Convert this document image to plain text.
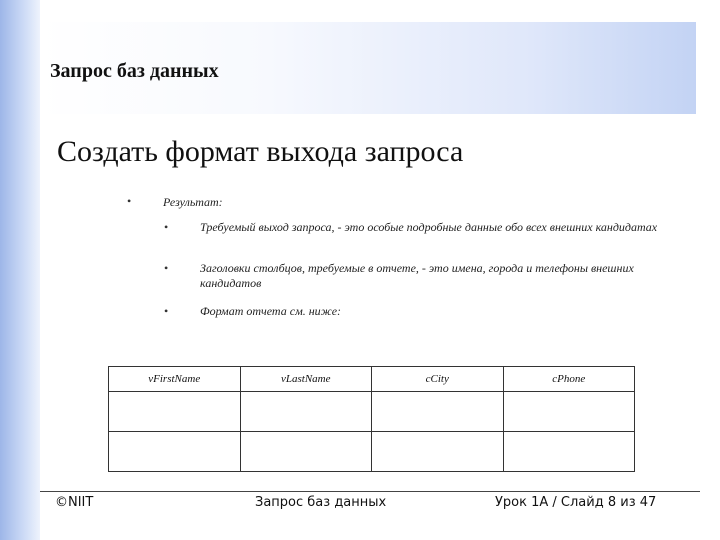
Запрос баз данных
Создать формат выхода запроса
•	Результат:
•	Требуемый выход запроса, - это особые подробные данные обо всех внешних кандидатах
•	Заголовки столбцов, требуемые в отчете, - это имена, города и телефоны внешних кандидатов
•	Формат отчета см. ниже:
vFirstName	vLastName	cCity	cPhone

©NIIT	Запрос баз данных	Урок 1A / Слайд 8 из 47
